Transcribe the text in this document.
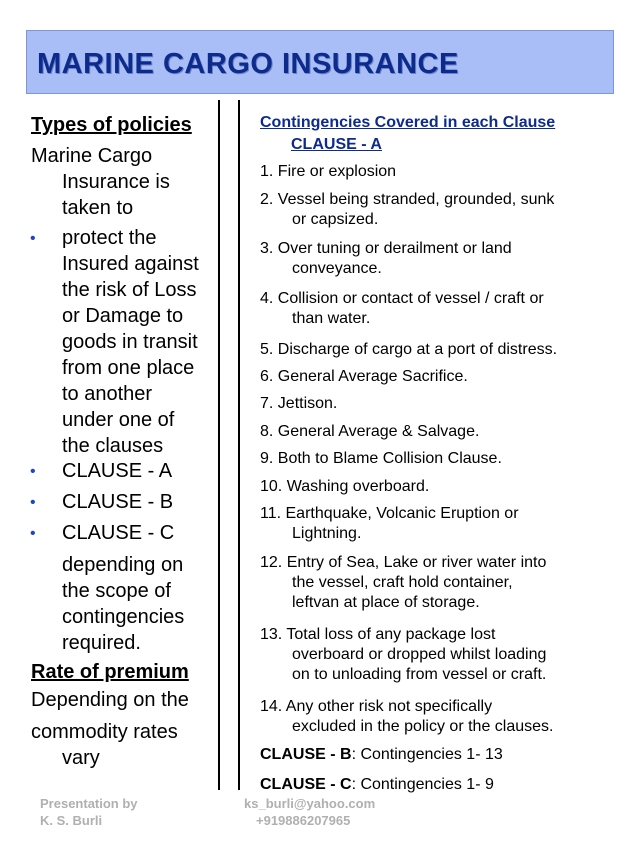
MARINE CARGO INSURANCE
Types of policies
Marine Cargo
Insurance is
taken to
• protect the
Insured against
the risk of Loss
or Damage to
goods in transit
from one place
to another
under one of
the clauses
• CLAUSE - A
• CLAUSE - B
• CLAUSE - C
depending on
the scope of
contingencies
required.
Rate of premium
Depending on the
commodity rates
vary
Contingencies Covered in each Clause
CLAUSE - A
1. Fire or explosion
2. Vessel being stranded, grounded, sunk
or capsized.
3. Over tuning or derailment or land
conveyance.
4. Collision or contact of vessel / craft or
than water.
5. Discharge of cargo at a port of distress.
6. General Average Sacrifice.
7. Jettison.
8. General Average & Salvage.
9. Both to Blame Collision Clause.
10. Washing overboard.
11. Earthquake, Volcanic Eruption or
Lightning.
12. Entry of Sea, Lake or river water into
the vessel, craft hold container,
leftvan at place of storage.
13. Total loss of any package lost
overboard or dropped whilst loading
on to unloading from vessel or craft.
14. Any other risk not specifically
excluded in the policy or the clauses.
CLAUSE - B: Contingencies 1- 13
CLAUSE - C: Contingencies 1- 9
Presentation by
K. S. Burli
ks_burli@yahoo.com
+919886207965
